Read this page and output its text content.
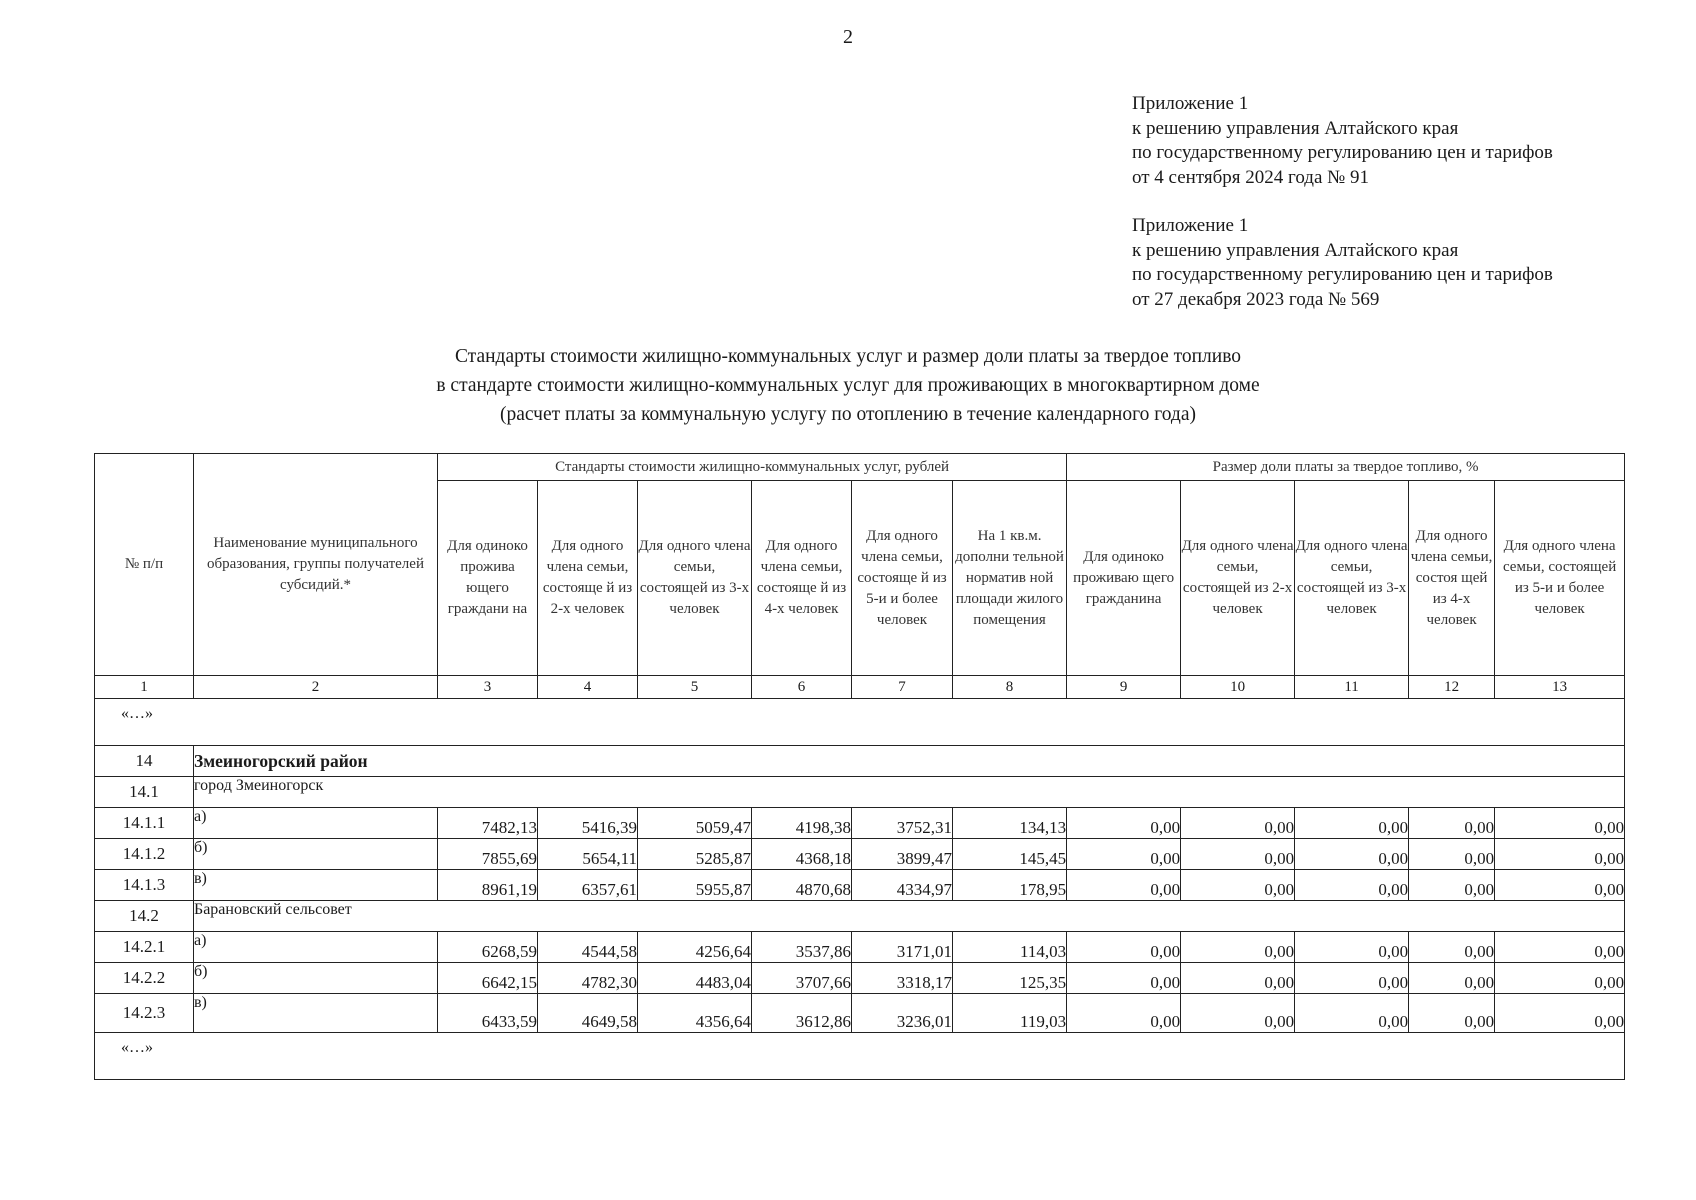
2
Приложение 1
к решению управления Алтайского края
по государственному регулированию цен и тарифов
от 4 сентября 2024 года № 91
Приложение 1
к решению управления Алтайского края
по государственному регулированию цен и тарифов
от 27 декабря 2023 года № 569
Стандарты стоимости жилищно-коммунальных услуг и размер доли платы за твердое топливо
в стандарте стоимости жилищно-коммунальных услуг для проживающих в многоквартирном доме
(расчет платы за коммунальную услугу по отоплению в течение календарного года)
№ п/п	Наименование муниципального образования, группы получателей субсидий.*	Стандарты стоимости жилищно-коммунальных услуг, рублей						Размер доли платы за твердое топливо, %				
		Для одиноко прожива ющего граждани на	Для одного члена семьи, состояще й из 2-х человек	Для одного члена семьи, состоящей из 3-х человек	Для одного члена семьи, состояще й из 4-х человек	Для одного члена семьи, состояще й из 5-и и более человек	На 1 кв.м. дополни тельной норматив ной площади жилого помещения	Для одиноко проживаю щего гражданина	Для одного члена семьи, состоящей из 2-х человек	Для одного члена семьи, состоящей из 3-х человек	Для одного члена семьи, состоя щей из 4-х человек	Для одного члена семьи, состоящей из 5-и и более человек
1	2	3	4	5	6	7	8	9	10	11	12	13
«…»												
14	Змеиногорский район											
14.1	город Змеиногорск											
14.1.1	а)	7482,13	5416,39	5059,47	4198,38	3752,31	134,13	0,00	0,00	0,00	0,00	0,00
14.1.2	б)	7855,69	5654,11	5285,87	4368,18	3899,47	145,45	0,00	0,00	0,00	0,00	0,00
14.1.3	в)	8961,19	6357,61	5955,87	4870,68	4334,97	178,95	0,00	0,00	0,00	0,00	0,00
14.2	Барановский сельсовет											
14.2.1	а)	6268,59	4544,58	4256,64	3537,86	3171,01	114,03	0,00	0,00	0,00	0,00	0,00
14.2.2	б)	6642,15	4782,30	4483,04	3707,66	3318,17	125,35	0,00	0,00	0,00	0,00	0,00
14.2.3	в)	6433,59	4649,58	4356,64	3612,86	3236,01	119,03	0,00	0,00	0,00	0,00	0,00
«…»												
